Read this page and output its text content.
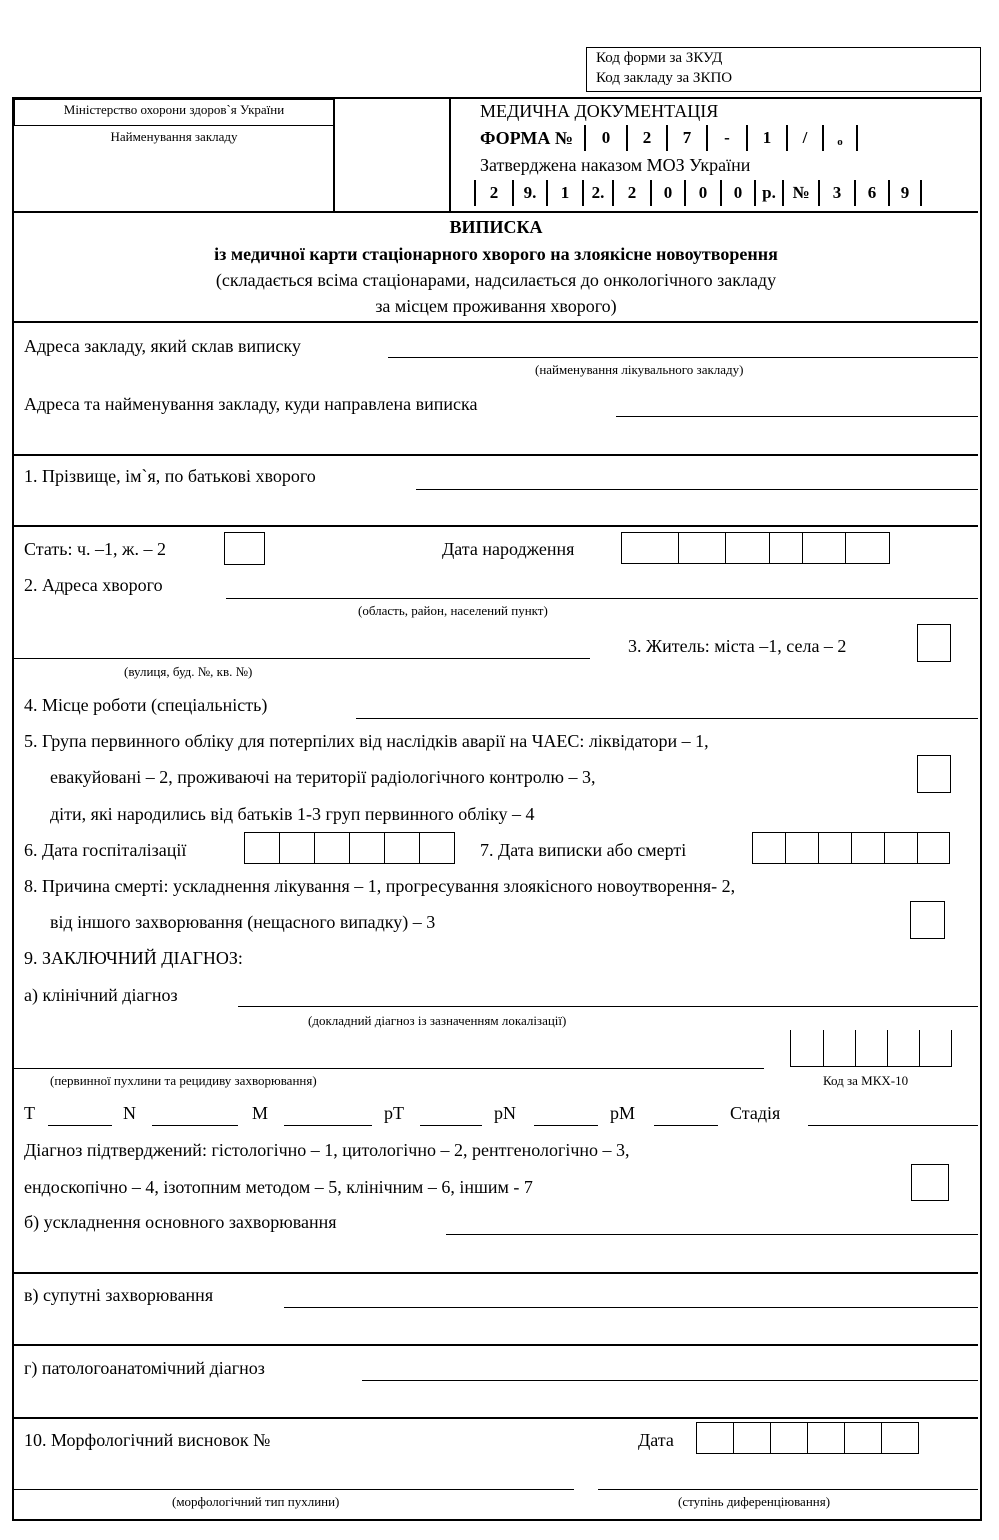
Код форми за ЗКУД
Код закладу за ЗКПО
Міністерство охорони здоров`я України
Найменування закладу
МЕДИЧНА ДОКУМЕНТАЦІЯ
ФОРМА №	0	2	7	-	1	/	о
Затверджена наказом МОЗ України
2	9.	1	2.	2	0	0	0	р. №	3	6	9
ВИПИСКА
із медичної карти стаціонарного хворого на злоякісне новоутворення
(складається всіма стаціонарами, надсилається до онкологічного закладу
за місцем проживання хворого)
Адреса закладу, який склав виписку
(найменування лікувального закладу)
Адреса та найменування закладу, куди направлена виписка
1. Прізвище, ім`я, по батькові хворого
Стать: ч. –1, ж. – 2	Дата народження
2. Адреса хворого
(область, район, населений пункт)
3. Житель: міста –1, села – 2
(вулиця, буд. №, кв. №)
4. Місце роботи (спеціальність)
5. Група первинного обліку для потерпілих від наслідків аварії на ЧАЕС: ліквідатори – 1,
евакуйовані – 2, проживаючі на території радіологічного контролю – 3,
діти, які народились від батьків 1-3 груп первинного обліку – 4
6. Дата госпіталізації	7. Дата виписки або смерті
8. Причина смерті: ускладнення лікування – 1, прогресування злоякісного новоутворення- 2,
від іншого захворювання (нещасного випадку) – 3
9. ЗАКЛЮЧНИЙ ДІАГНОЗ:
а) клінічний діагноз
(докладний діагноз із зазначенням локалізації)
(первинної пухлини та рецидиву захворювання)	Код за МКХ-10
T	N	M	pT	pN	pM	Стадія
Діагноз підтверджений: гістологічно – 1, цитологічно – 2, рентгенологічно – 3,
ендоскопічно – 4, ізотопним методом – 5, клінічним – 6, іншим - 7
б) ускладнення основного захворювання
в) супутні захворювання
г) патологоанатомічний діагноз
10. Морфологічний висновок №	Дата
(морфологічний тип пухлини)	(ступінь диференціювання)
